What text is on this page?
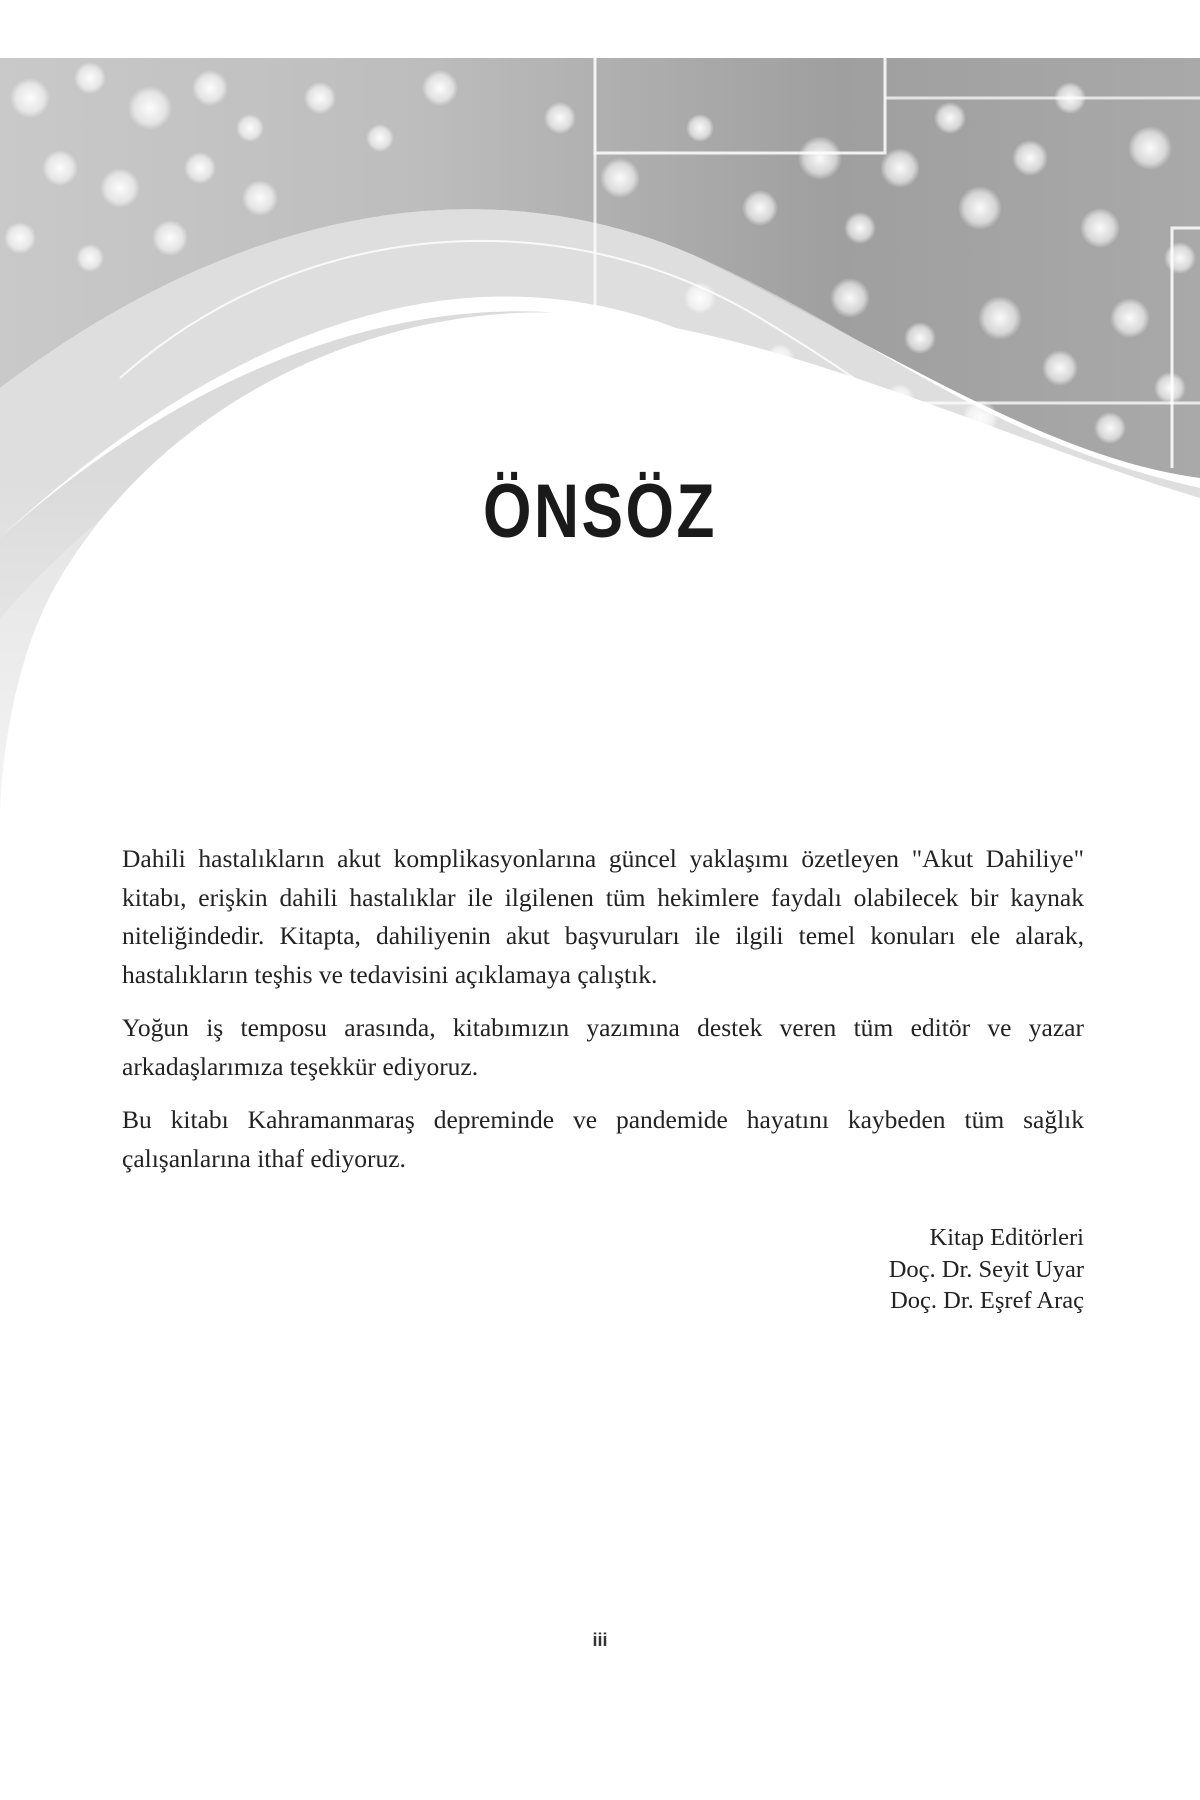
ÖNSÖZ

Dahili hastalıkların akut komplikasyonlarına güncel yaklaşımı özetleyen "Akut Dahiliye" kitabı, erişkin dahili hastalıklar ile ilgilenen tüm hekimlere faydalı olabilecek bir kaynak niteliğindedir. Kitapta, dahiliyenin akut başvuruları ile ilgili temel konuları ele alarak, hastalıkların teşhis ve tedavisini açıklamaya çalıştık.

Yoğun iş temposu arasında, kitabımızın yazımına destek veren tüm editör ve yazar arkadaşlarımıza teşekkür ediyoruz.

Bu kitabı Kahramanmaraş depreminde ve pandemide hayatını kaybeden tüm sağlık çalışanlarına ithaf ediyoruz.

Kitap Editörleri
Doç. Dr. Seyit Uyar
Doç. Dr. Eşref Araç
iii
